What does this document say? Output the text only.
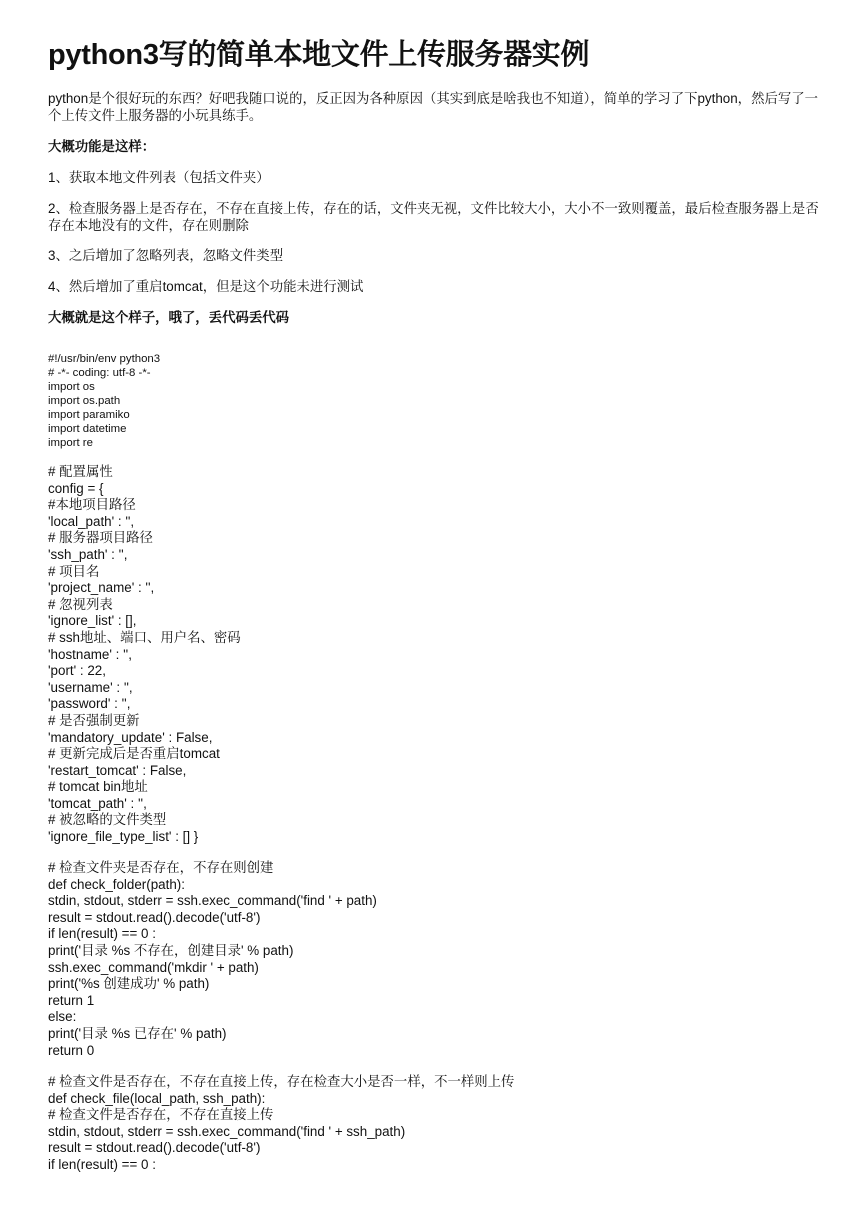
python3写的简单本地文件上传服务器实例

python是个很好玩的东西？好吧我随口说的，反正因为各种原因（其实到底是啥我也不知道），简单的学习了下python，然后写了一个上传文件上服务器的小玩具练手。

大概功能是这样：

1、获取本地文件列表（包括文件夹）

2、检查服务器上是否存在，不存在直接上传，存在的话，文件夹无视，文件比较大小，大小不一致则覆盖，最后检查服务器上是否存在本地没有的文件，存在则删除

3、之后增加了忽略列表，忽略文件类型

4、然后增加了重启tomcat，但是这个功能未进行测试

大概就是这个样子，哦了，丢代码丢代码

#!/usr/bin/env python3
# -*- coding: utf-8 -*-
import os
import os.path
import paramiko
import datetime
import re
# 配置属性
config = {
#本地项目路径
'local_path' : '',
# 服务器项目路径
'ssh_path' : '',
# 项目名
'project_name' : '',
# 忽视列表
'ignore_list' : [],
# ssh地址、端口、用户名、密码
'hostname' : '',
'port' : 22,
'username' : '',
'password' : '',
# 是否强制更新
'mandatory_update' : False,
# 更新完成后是否重启tomcat
'restart_tomcat' : False,
# tomcat bin地址
'tomcat_path' : '',
# 被忽略的文件类型
'ignore_file_type_list' : [] }
# 检查文件夹是否存在，不存在则创建
def check_folder(path):
stdin, stdout, stderr = ssh.exec_command('find ' + path)
result = stdout.read().decode('utf-8')
if len(result) == 0 :
print('目录 %s 不存在，创建目录' % path)
ssh.exec_command('mkdir ' + path)
print('%s 创建成功' % path)
return 1
else:
print('目录 %s 已存在' % path)
return 0
# 检查文件是否存在，不存在直接上传，存在检查大小是否一样，不一样则上传
def check_file(local_path, ssh_path):
# 检查文件是否存在，不存在直接上传
stdin, stdout, stderr = ssh.exec_command('find ' + ssh_path)
result = stdout.read().decode('utf-8')
if len(result) == 0 :
